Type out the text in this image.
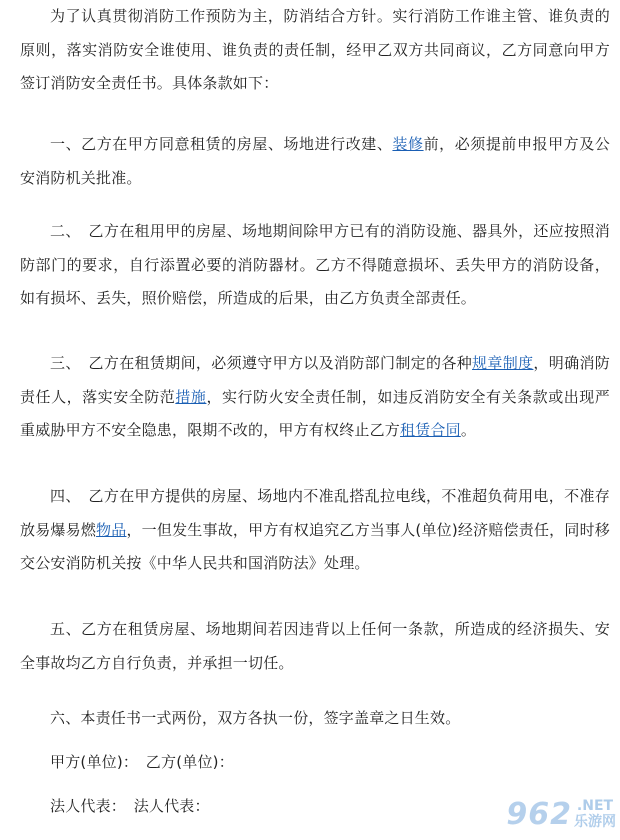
为了认真贯彻消防工作预防为主，防消结合方针。实行消防工作谁主管、谁负责的原则，落实消防安全谁使用、谁负责的责任制，经甲乙双方共同商议，乙方同意向甲方签订消防安全责任书。具体条款如下：

一、乙方在甲方同意租赁的房屋、场地进行改建、装修前，必须提前申报甲方及公安消防机关批准。

二、　乙方在租用甲的房屋、场地期间除甲方已有的消防设施、器具外，还应按照消防部门的要求，自行添置必要的消防器材。乙方不得随意损坏、丢失甲方的消防设备，如有损坏、丢失，照价赔偿，所造成的后果，由乙方负责全部责任。

三、　乙方在租赁期间，必须遵守甲方以及消防部门制定的各种规章制度，明确消防责任人，落实安全防范措施，实行防火安全责任制，如违反消防安全有关条款或出现严重威胁甲方不安全隐患，限期不改的，甲方有权终止乙方租赁合同。

四、　乙方在甲方提供的房屋、场地内不准乱搭乱拉电线，不准超负荷用电，不准存放易爆易燃物品，一但发生事故，甲方有权追究乙方当事人(单位)经济赔偿责任，同时移交公安消防机关按《中华人民共和国消防法》处理。

五、乙方在租赁房屋、场地期间若因违背以上任何一条款，所造成的经济损失、安全事故均乙方自行负责，并承担一切任。

六、本责任书一式两份，双方各执一份，签字盖章之日生效。

甲方(单位)：　乙方(单位)：

法人代表：　法人代表：	962 .NET
乐游网
